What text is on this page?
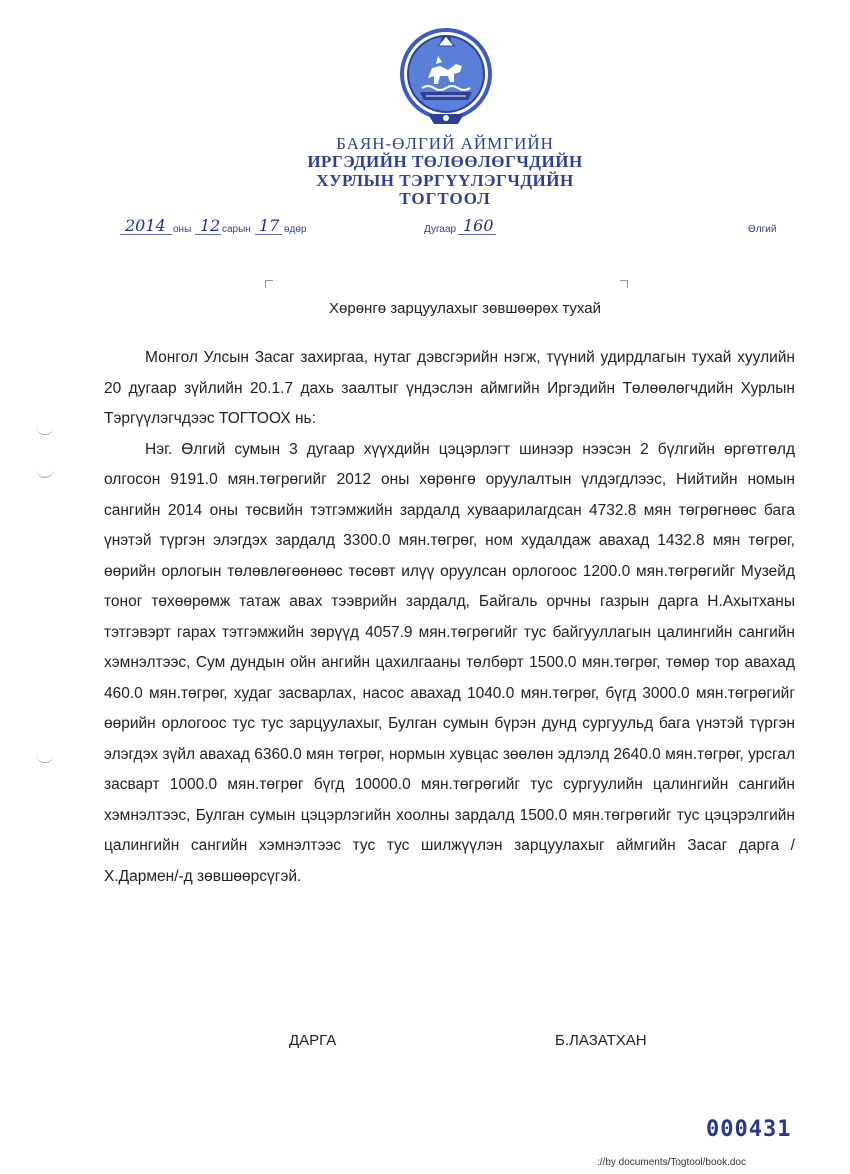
БАЯН-ӨЛГИЙ АЙМГИЙН
ИРГЭДИЙН ТӨЛӨӨЛӨГЧДИЙН
ХУРЛЫН ТЭРГҮҮЛЭГЧДИЙН
ТОГТООЛ
2014 оны 12 сарын 17 өдөр	Дугаар 160	Өлгий
Хөрөнгө зарцуулахыг зөвшөөрөх тухай

Монгол Улсын Засаг захиргаа, нутаг дэвсгэрийн нэгж, түүний удирдлагын тухай хуулийн 20 дугаар зүйлийн 20.1.7 дахь заалтыг үндэслэн аймгийн Иргэдийн Төлөөлөгчдийн Хурлын Тэргүүлэгчдээс ТОГТООХ нь:

Нэг. Өлгий сумын 3 дугаар хүүхдийн цэцэрлэгт шинээр нээсэн 2 бүлгийн өргөтгөлд олгосон 9191.0 мян.төгрөгийг 2012 оны хөрөнгө оруулалтын үлдэгдлээс, Нийтийн номын сангийн 2014 оны төсвийн тэтгэмжийн зардалд хуваарилагдсан 4732.8 мян төгрөгнөөс бага үнэтэй түргэн элэгдэх зардалд 3300.0 мян.төгрөг, ном худалдаж авахад 1432.8 мян төгрөг, өөрийн орлогын төлөвлөгөөнөөс төсөвт илүү оруулсан орлогоос 1200.0 мян.төгрөгийг Музейд тоног төхөөрөмж татаж авах тээврийн зардалд, Байгаль орчны газрын дарга Н.Ахытханы тэтгэвэрт гарах тэтгэмжийн зөрүүд 4057.9 мян.төгрөгийг тус байгууллагын цалингийн сангийн хэмнэлтээс, Сум дундын ойн ангийн цахилгааны төлбөрт 1500.0 мян.төгрөг, төмөр тор авахад 460.0 мян.төгрөг, худаг засварлах, насос авахад 1040.0 мян.төгрөг, бүгд 3000.0 мян.төгрөгийг өөрийн орлогоос тус тус зарцуулахыг, Булган сумын бүрэн дунд сургуульд бага үнэтэй түргэн элэгдэх зүйл авахад 6360.0 мян төгрөг, нормын хувцас зөөлөн эдлэлд 2640.0 мян.төгрөг, урсгал засварт 1000.0 мян.төгрөг бүгд 10000.0 мян.төгрөгийг тус сургуулийн цалингийн сангийн хэмнэлтээс, Булган сумын цэцэрлэгийн хоолны зардалд 1500.0 мян.төгрөгийг тус цэцэрэлгийн цалингийн сангийн хэмнэлтээс тус тус шилжүүлэн зарцуулахыг аймгийн Засаг дарга /Х.Дармен/-д зөвшөөрсүгэй.

ДАРГА	Б.ЛАЗАТХАН
000431
://by documents/Togtool/book.doc
